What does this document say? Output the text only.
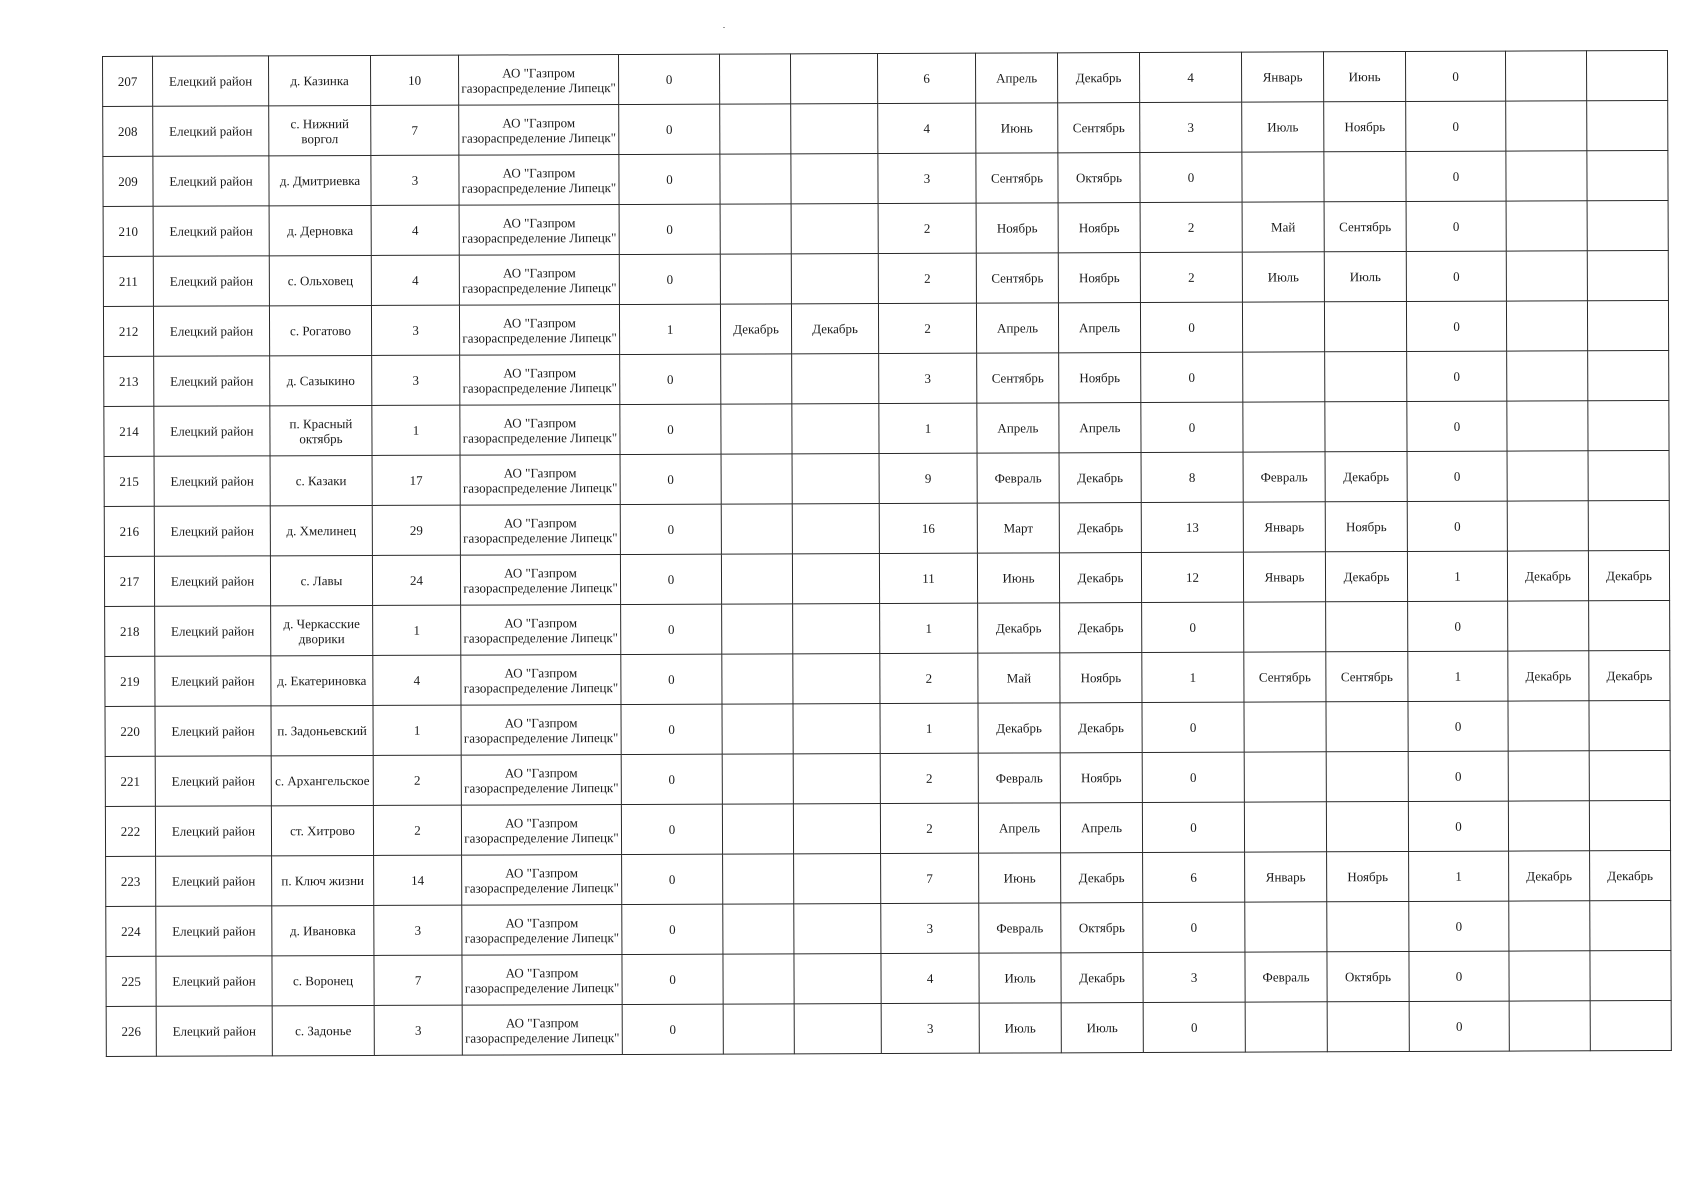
207	Елецкий район	д. Казинка	10	АО "Газпром газораспределение Липецк"	0			6	Апрель	Декабрь	4	Январь	Июнь	0		
208	Елецкий район	с. Нижний воргол	7	АО "Газпром газораспределение Липецк"	0			4	Июнь	Сентябрь	3	Июль	Ноябрь	0		
209	Елецкий район	д. Дмитриевка	3	АО "Газпром газораспределение Липецк"	0			3	Сентябрь	Октябрь	0			0		
210	Елецкий район	д. Дерновка	4	АО "Газпром газораспределение Липецк"	0			2	Ноябрь	Ноябрь	2	Май	Сентябрь	0		
211	Елецкий район	с. Ольховец	4	АО "Газпром газораспределение Липецк"	0			2	Сентябрь	Ноябрь	2	Июль	Июль	0		
212	Елецкий район	с. Рогатово	3	АО "Газпром газораспределение Липецк"	1	Декабрь	Декабрь	2	Апрель	Апрель	0			0		
213	Елецкий район	д. Сазыкино	3	АО "Газпром газораспределение Липецк"	0			3	Сентябрь	Ноябрь	0			0		
214	Елецкий район	п. Красный октябрь	1	АО "Газпром газораспределение Липецк"	0			1	Апрель	Апрель	0			0		
215	Елецкий район	с. Казаки	17	АО "Газпром газораспределение Липецк"	0			9	Февраль	Декабрь	8	Февраль	Декабрь	0		
216	Елецкий район	д. Хмелинец	29	АО "Газпром газораспределение Липецк"	0			16	Март	Декабрь	13	Январь	Ноябрь	0		
217	Елецкий район	с. Лавы	24	АО "Газпром газораспределение Липецк"	0			11	Июнь	Декабрь	12	Январь	Декабрь	1	Декабрь	Декабрь
218	Елецкий район	д. Черкасские дворики	1	АО "Газпром газораспределение Липецк"	0			1	Декабрь	Декабрь	0			0		
219	Елецкий район	д. Екатериновка	4	АО "Газпром газораспределение Липецк"	0			2	Май	Ноябрь	1	Сентябрь	Сентябрь	1	Декабрь	Декабрь
220	Елецкий район	п. Задоньевский	1	АО "Газпром газораспределение Липецк"	0			1	Декабрь	Декабрь	0			0		
221	Елецкий район	с. Архангельское	2	АО "Газпром газораспределение Липецк"	0			2	Февраль	Ноябрь	0			0		
222	Елецкий район	ст. Хитрово	2	АО "Газпром газораспределение Липецк"	0			2	Апрель	Апрель	0			0		
223	Елецкий район	п. Ключ жизни	14	АО "Газпром газораспределение Липецк"	0			7	Июнь	Декабрь	6	Январь	Ноябрь	1	Декабрь	Декабрь
224	Елецкий район	д. Ивановка	3	АО "Газпром газораспределение Липецк"	0			3	Февраль	Октябрь	0			0		
225	Елецкий район	с. Воронец	7	АО "Газпром газораспределение Липецк"	0			4	Июль	Декабрь	3	Февраль	Октябрь	0		
226	Елецкий район	с. Задонье	3	АО "Газпром газораспределение Липецк"	0			3	Июль	Июль	0			0		
